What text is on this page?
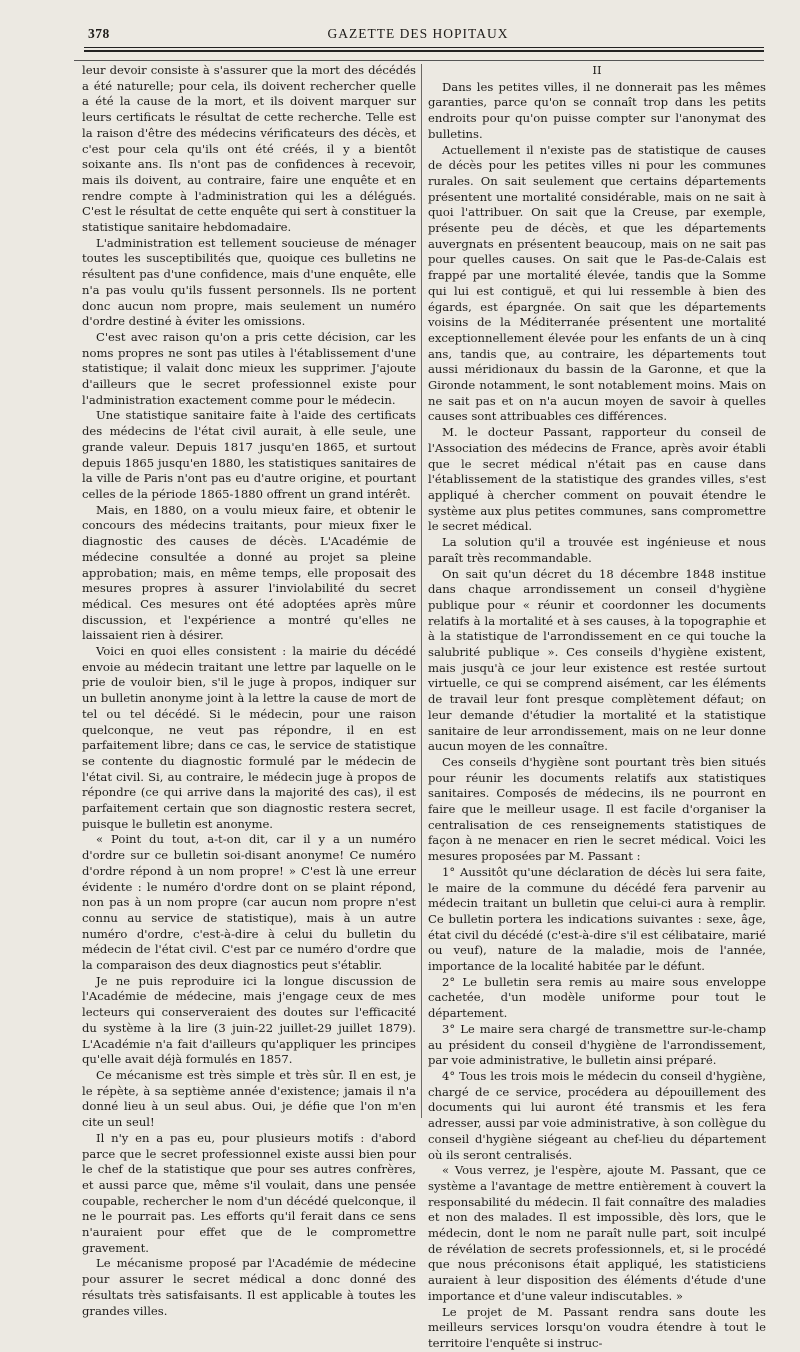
378	GAZETTE DES HOPITAUX

leur devoir consiste à s'assurer que la mort des décédés a été naturelle; pour cela, ils doivent rechercher quelle a été la cause de la mort, et ils doivent marquer sur leurs certificats le résultat de cette recherche. Telle est la raison d'être des médecins vérificateurs des décès, et c'est pour cela qu'ils ont été créés, il y a bientôt soixante ans. Ils n'ont pas de confidences à recevoir, mais ils doivent, au contraire, faire une enquête et en rendre compte à l'administration qui les a délégués. C'est le résultat de cette enquête qui sert à constituer la statistique sanitaire hebdomadaire.

L'administration est tellement soucieuse de ménager toutes les susceptibilités que, quoique ces bulletins ne résultent pas d'une confidence, mais d'une enquête, elle n'a pas voulu qu'ils fussent personnels. Ils ne portent donc aucun nom propre, mais seulement un numéro d'ordre destiné à éviter les omissions.

C'est avec raison qu'on a pris cette décision, car les noms propres ne sont pas utiles à l'établissement d'une statistique; il valait donc mieux les supprimer. J'ajoute d'ailleurs que le secret professionnel existe pour l'administration exactement comme pour le médecin.

Une statistique sanitaire faite à l'aide des certificats des médecins de l'état civil aurait, à elle seule, une grande valeur. Depuis 1817 jusqu'en 1865, et surtout depuis 1865 jusqu'en 1880, les statistiques sanitaires de la ville de Paris n'ont pas eu d'autre origine, et pourtant celles de la période 1865-1880 offrent un grand intérêt.

Mais, en 1880, on a voulu mieux faire, et obtenir le concours des médecins traitants, pour mieux fixer le diagnostic des causes de décès. L'Académie de médecine consultée a donné au projet sa pleine approbation; mais, en même temps, elle proposait des mesures propres à assurer l'inviolabilité du secret médical. Ces mesures ont été adoptées après mûre discussion, et l'expérience a montré qu'elles ne laissaient rien à désirer.

Voici en quoi elles consistent : la mairie du décédé envoie au médecin traitant une lettre par laquelle on le prie de vouloir bien, s'il le juge à propos, indiquer sur un bulletin anonyme joint à la lettre la cause de mort de tel ou tel décédé. Si le médecin, pour une raison quelconque, ne veut pas répondre, il en est parfaitement libre; dans ce cas, le service de statistique se contente du diagnostic formulé par le médecin de l'état civil. Si, au contraire, le médecin juge à propos de répondre (ce qui arrive dans la majorité des cas), il est parfaitement certain que son diagnostic restera secret, puisque le bulletin est anonyme.

« Point du tout, a-t-on dit, car il y a un numéro d'ordre sur ce bulletin soi-disant anonyme! Ce numéro d'ordre répond à un nom propre! » C'est là une erreur évidente : le numéro d'ordre dont on se plaint répond, non pas à un nom propre (car aucun nom propre n'est connu au service de statistique), mais à un autre numéro d'ordre, c'est-à-dire à celui du bulletin du médecin de l'état civil. C'est par ce numéro d'ordre que la comparaison des deux diagnostics peut s'établir.

Je ne puis reproduire ici la longue discussion de l'Académie de médecine, mais j'engage ceux de mes lecteurs qui conserveraient des doutes sur l'efficacité du système à la lire (3 juin-22 juillet-29 juillet 1879). L'Académie n'a fait d'ailleurs qu'appliquer les principes qu'elle avait déjà formulés en 1857.

Ce mécanisme est très simple et très sûr. Il en est, je le répète, à sa septième année d'existence; jamais il n'a donné lieu à un seul abus. Oui, je défie que l'on m'en cite un seul!

Il n'y en a pas eu, pour plusieurs motifs : d'abord parce que le secret professionnel existe aussi bien pour le chef de la statistique que pour ses autres confrères, et aussi parce que, même s'il voulait, dans une pensée coupable, rechercher le nom d'un décédé quelconque, il ne le pourrait pas. Les efforts qu'il ferait dans ce sens n'auraient pour effet que de le compromettre gravement.

Le mécanisme proposé par l'Académie de médecine pour assurer le secret médical a donc donné des résultats très satisfaisants. Il est applicable à toutes les grandes villes.

II

Dans les petites villes, il ne donnerait pas les mêmes garanties, parce qu'on se connaît trop dans les petits endroits pour qu'on puisse compter sur l'anonymat des bulletins.

Actuellement il n'existe pas de statistique de causes de décès pour les petites villes ni pour les communes rurales. On sait seulement que certains départements présentent une mortalité considérable, mais on ne sait à quoi l'attribuer. On sait que la Creuse, par exemple, présente peu de décès, et que les départements auvergnats en présentent beaucoup, mais on ne sait pas pour quelles causes. On sait que le Pas-de-Calais est frappé par une mortalité élevée, tandis que la Somme qui lui est contiguë, et qui lui ressemble à bien des égards, est épargnée. On sait que les départements voisins de la Méditerranée présentent une mortalité exceptionnellement élevée pour les enfants de un à cinq ans, tandis que, au contraire, les départements tout aussi méridionaux du bassin de la Garonne, et que la Gironde notamment, le sont notablement moins. Mais on ne sait pas et on n'a aucun moyen de savoir à quelles causes sont attribuables ces différences.

M. le docteur Passant, rapporteur du conseil de l'Association des médecins de France, après avoir établi que le secret médical n'était pas en cause dans l'établissement de la statistique des grandes villes, s'est appliqué à chercher comment on pouvait étendre le système aux plus petites communes, sans compromettre le secret médical.

La solution qu'il a trouvée est ingénieuse et nous paraît très recommandable.

On sait qu'un décret du 18 décembre 1848 institue dans chaque arrondissement un conseil d'hygiène publique pour « réunir et coordonner les documents relatifs à la mortalité et à ses causes, à la topographie et à la statistique de l'arrondissement en ce qui touche la salubrité publique ». Ces conseils d'hygiène existent, mais jusqu'à ce jour leur existence est restée surtout virtuelle, ce qui se comprend aisément, car les éléments de travail leur font presque complètement défaut; on leur demande d'étudier la mortalité et la statistique sanitaire de leur arrondissement, mais on ne leur donne aucun moyen de les connaître.

Ces conseils d'hygiène sont pourtant très bien situés pour réunir les documents relatifs aux statistiques sanitaires. Composés de médecins, ils ne pourront en faire que le meilleur usage. Il est facile d'organiser la centralisation de ces renseignements statistiques de façon à ne menacer en rien le secret médical. Voici les mesures proposées par M. Passant :

1° Aussitôt qu'une déclaration de décès lui sera faite, le maire de la commune du décédé fera parvenir au médecin traitant un bulletin que celui-ci aura à remplir. Ce bulletin portera les indications suivantes : sexe, âge, état civil du décédé (c'est-à-dire s'il est célibataire, marié ou veuf), nature de la maladie, mois de l'année, importance de la localité habitée par le défunt.

2° Le bulletin sera remis au maire sous enveloppe cachetée, d'un modèle uniforme pour tout le département.

3° Le maire sera chargé de transmettre sur-le-champ au président du conseil d'hygiène de l'arrondissement, par voie administrative, le bulletin ainsi préparé.

4° Tous les trois mois le médecin du conseil d'hygiène, chargé de ce service, procédera au dépouillement des documents qui lui auront été transmis et les fera adresser, aussi par voie administrative, à son collègue du conseil d'hygiène siégeant au chef-lieu du département où ils seront centralisés.

« Vous verrez, je l'espère, ajoute M. Passant, que ce système a l'avantage de mettre entièrement à couvert la responsabilité du médecin. Il fait connaître des maladies et non des malades. Il est impossible, dès lors, que le médecin, dont le nom ne paraît nulle part, soit inculpé de révélation de secrets professionnels, et, si le procédé que nous préconisons était appliqué, les statisticiens auraient à leur disposition des éléments d'étude d'une importance et d'une valeur indiscutables. »

Le projet de M. Passant rendra sans doute les meilleurs services lorsqu'on voudra étendre à tout le territoire l'enquête si instruc-
